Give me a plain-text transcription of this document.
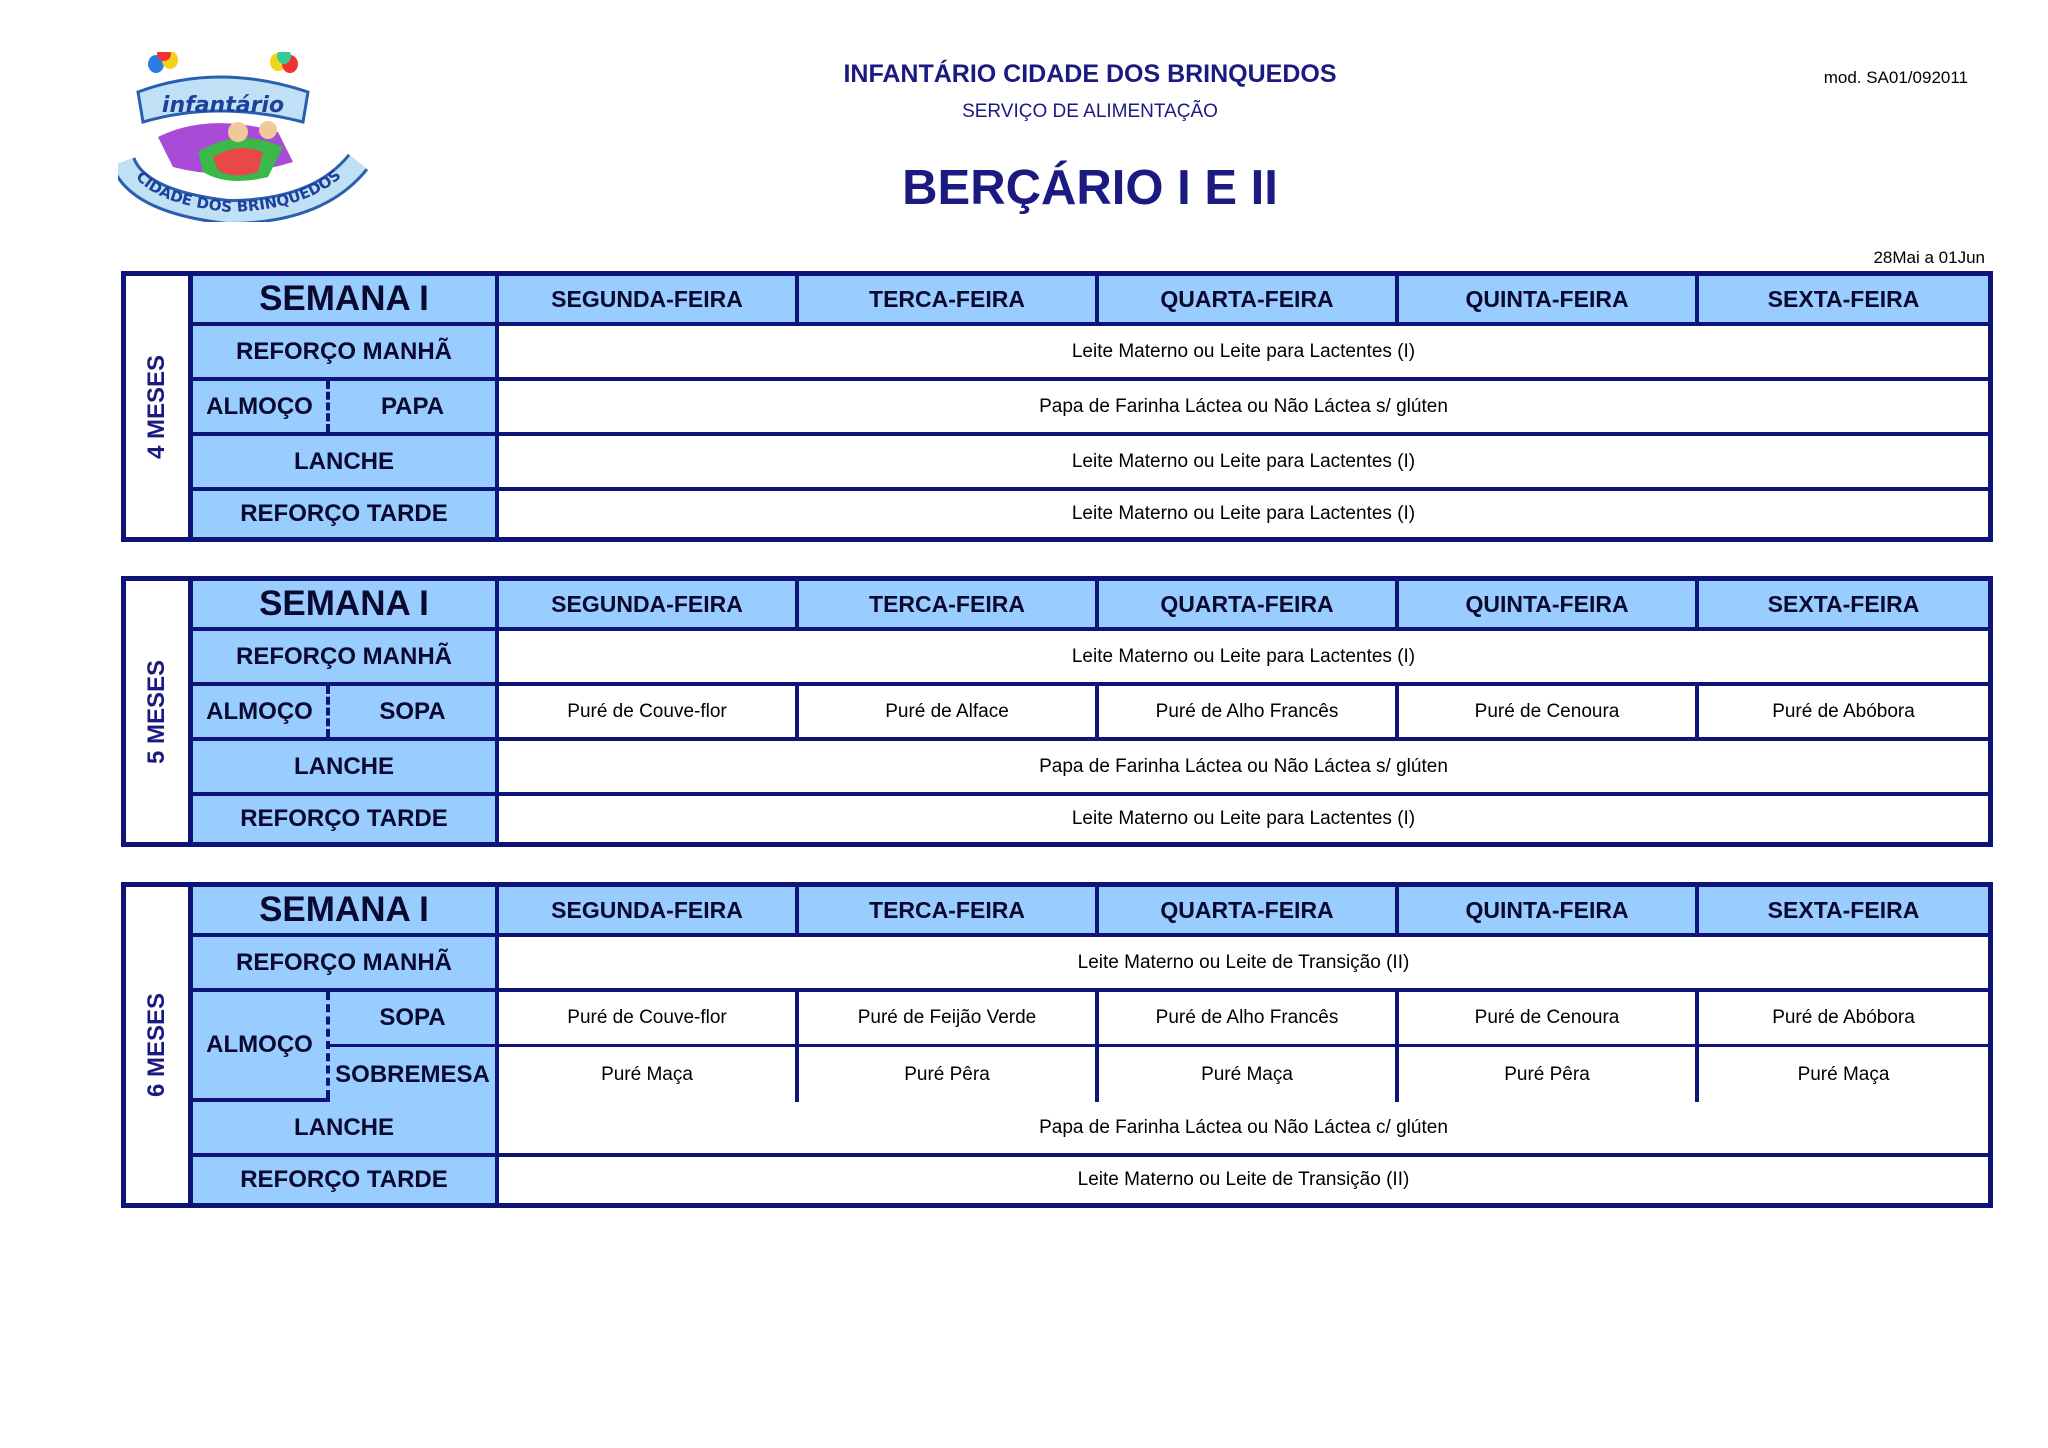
infantário
CIDADE DOS BRINQUEDOS
INFANTÁRIO CIDADE DOS BRINQUEDOS
SERVIÇO DE ALIMENTAÇÃO
BERÇÁRIO I E II
mod. SA01/092011
28Mai a 01Jun
4 MESES
SEMANA I	SEGUNDA-FEIRA	TERCA-FEIRA	QUARTA-FEIRA	QUINTA-FEIRA	SEXTA-FEIRA
REFORÇO MANHÃ	Leite Materno ou Leite para Lactentes (I)
ALMOÇO	PAPA	Papa de Farinha Láctea ou Não Láctea s/ glúten
LANCHE	Leite Materno ou Leite para Lactentes (I)
REFORÇO TARDE	Leite Materno ou Leite para Lactentes (I)
5 MESES
SEMANA I	SEGUNDA-FEIRA	TERCA-FEIRA	QUARTA-FEIRA	QUINTA-FEIRA	SEXTA-FEIRA
REFORÇO MANHÃ	Leite Materno ou Leite para Lactentes (I)
ALMOÇO	SOPA	Puré de Couve-flor	Puré de Alface	Puré de Alho Francês	Puré de Cenoura	Puré de Abóbora
LANCHE	Papa de Farinha Láctea ou Não Láctea s/ glúten
REFORÇO TARDE	Leite Materno ou Leite para Lactentes (I)
6 MESES
SEMANA I	SEGUNDA-FEIRA	TERCA-FEIRA	QUARTA-FEIRA	QUINTA-FEIRA	SEXTA-FEIRA
REFORÇO MANHÃ	Leite Materno ou Leite de Transição (II)
ALMOÇO
SOPA	Puré de Couve-flor	Puré de Feijão Verde	Puré de Alho Francês	Puré de Cenoura	Puré de Abóbora
SOBREMESA	Puré Maça	Puré Pêra	Puré Maça	Puré Pêra	Puré Maça
LANCHE	Papa de Farinha Láctea ou Não Láctea c/ glúten
REFORÇO TARDE	Leite Materno ou Leite de Transição (II)
